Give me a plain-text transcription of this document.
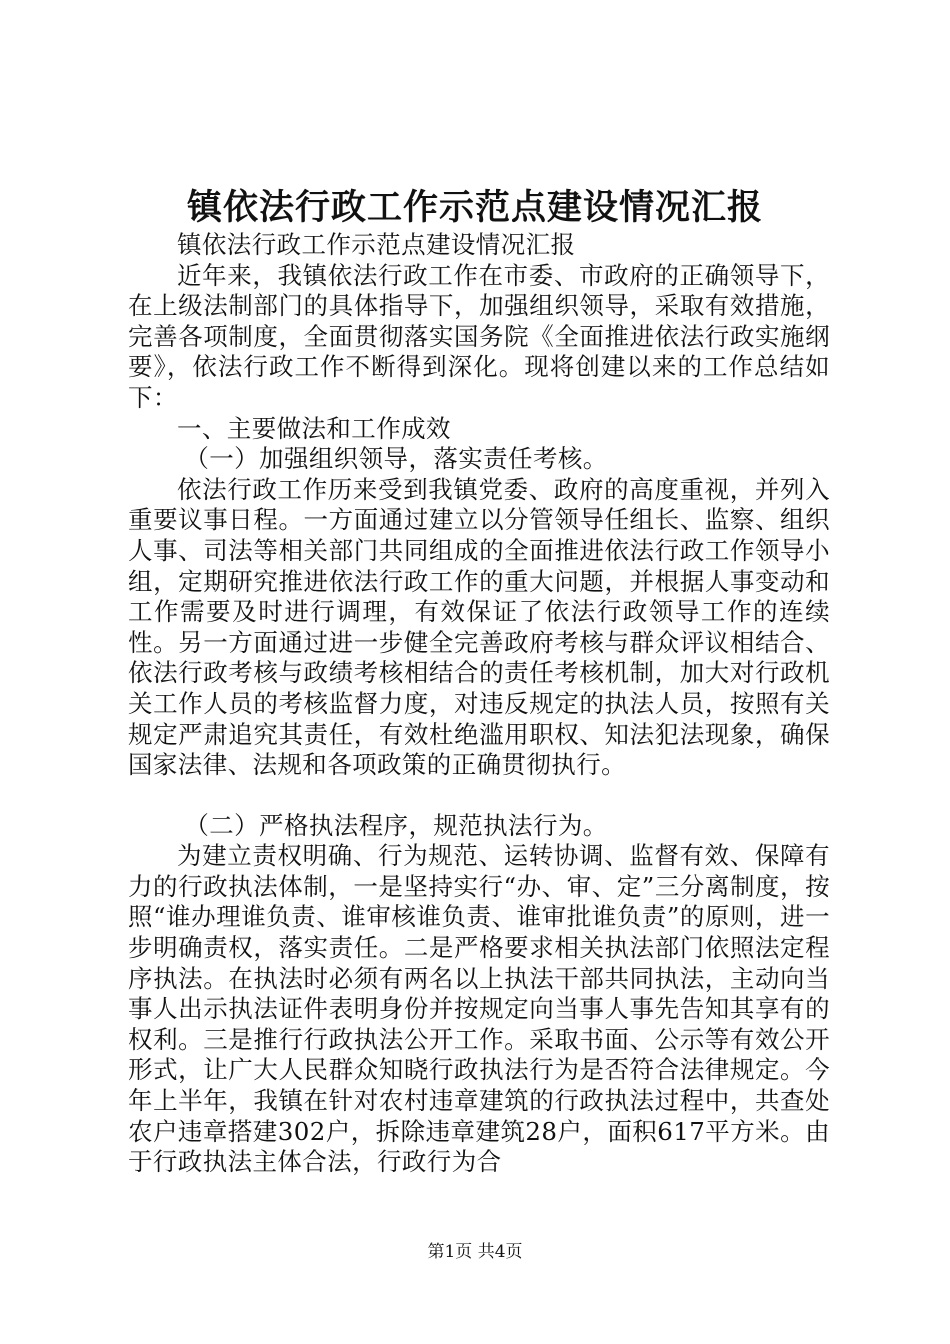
镇依法行政工作示范点建设情况汇报

镇依法行政工作示范点建设情况汇报

近年来，我镇依法行政工作在市委、市政府的正确领导下，在上级法制部门的具体指导下，加强组织领导，采取有效措施，完善各项制度，全面贯彻落实国务院《全面推进依法行政实施纲要》，依法行政工作不断得到深化。现将创建以来的工作总结如下：

一、主要做法和工作成效

（一）加强组织领导，落实责任考核。

依法行政工作历来受到我镇党委、政府的高度重视，并列入重要议事日程。一方面通过建立以分管领导任组长、监察、组织人事、司法等相关部门共同组成的全面推进依法行政工作领导小组，定期研究推进依法行政工作的重大问题，并根据人事变动和工作需要及时进行调理，有效保证了依法行政领导工作的连续性。另一方面通过进一步健全完善政府考核与群众评议相结合、依法行政考核与政绩考核相结合的责任考核机制，加大对行政机关工作人员的考核监督力度，对违反规定的执法人员，按照有关规定严肃追究其责任，有效杜绝滥用职权、知法犯法现象，确保国家法律、法规和各项政策的正确贯彻执行。

（二）严格执法程序，规范执法行为。

为建立责权明确、行为规范、运转协调、监督有效、保障有力的行政执法体制，一是坚持实行“办、审、定”三分离制度，按照“谁办理谁负责、谁审核谁负责、谁审批谁负责”的原则，进一步明确责权，落实责任。二是严格要求相关执法部门依照法定程序执法。在执法时必须有两名以上执法干部共同执法，主动向当事人出示执法证件表明身份并按规定向当事人事先告知其享有的权利。三是推行行政执法公开工作。采取书面、公示等有效公开形式，让广大人民群众知晓行政执法行为是否符合法律规定。今年上半年，我镇在针对农村违章建筑的行政执法过程中，共查处农户违章搭建302户，拆除违章建筑28户，面积617平方米。由于行政执法主体合法，行政行为合

第1页 共4页
